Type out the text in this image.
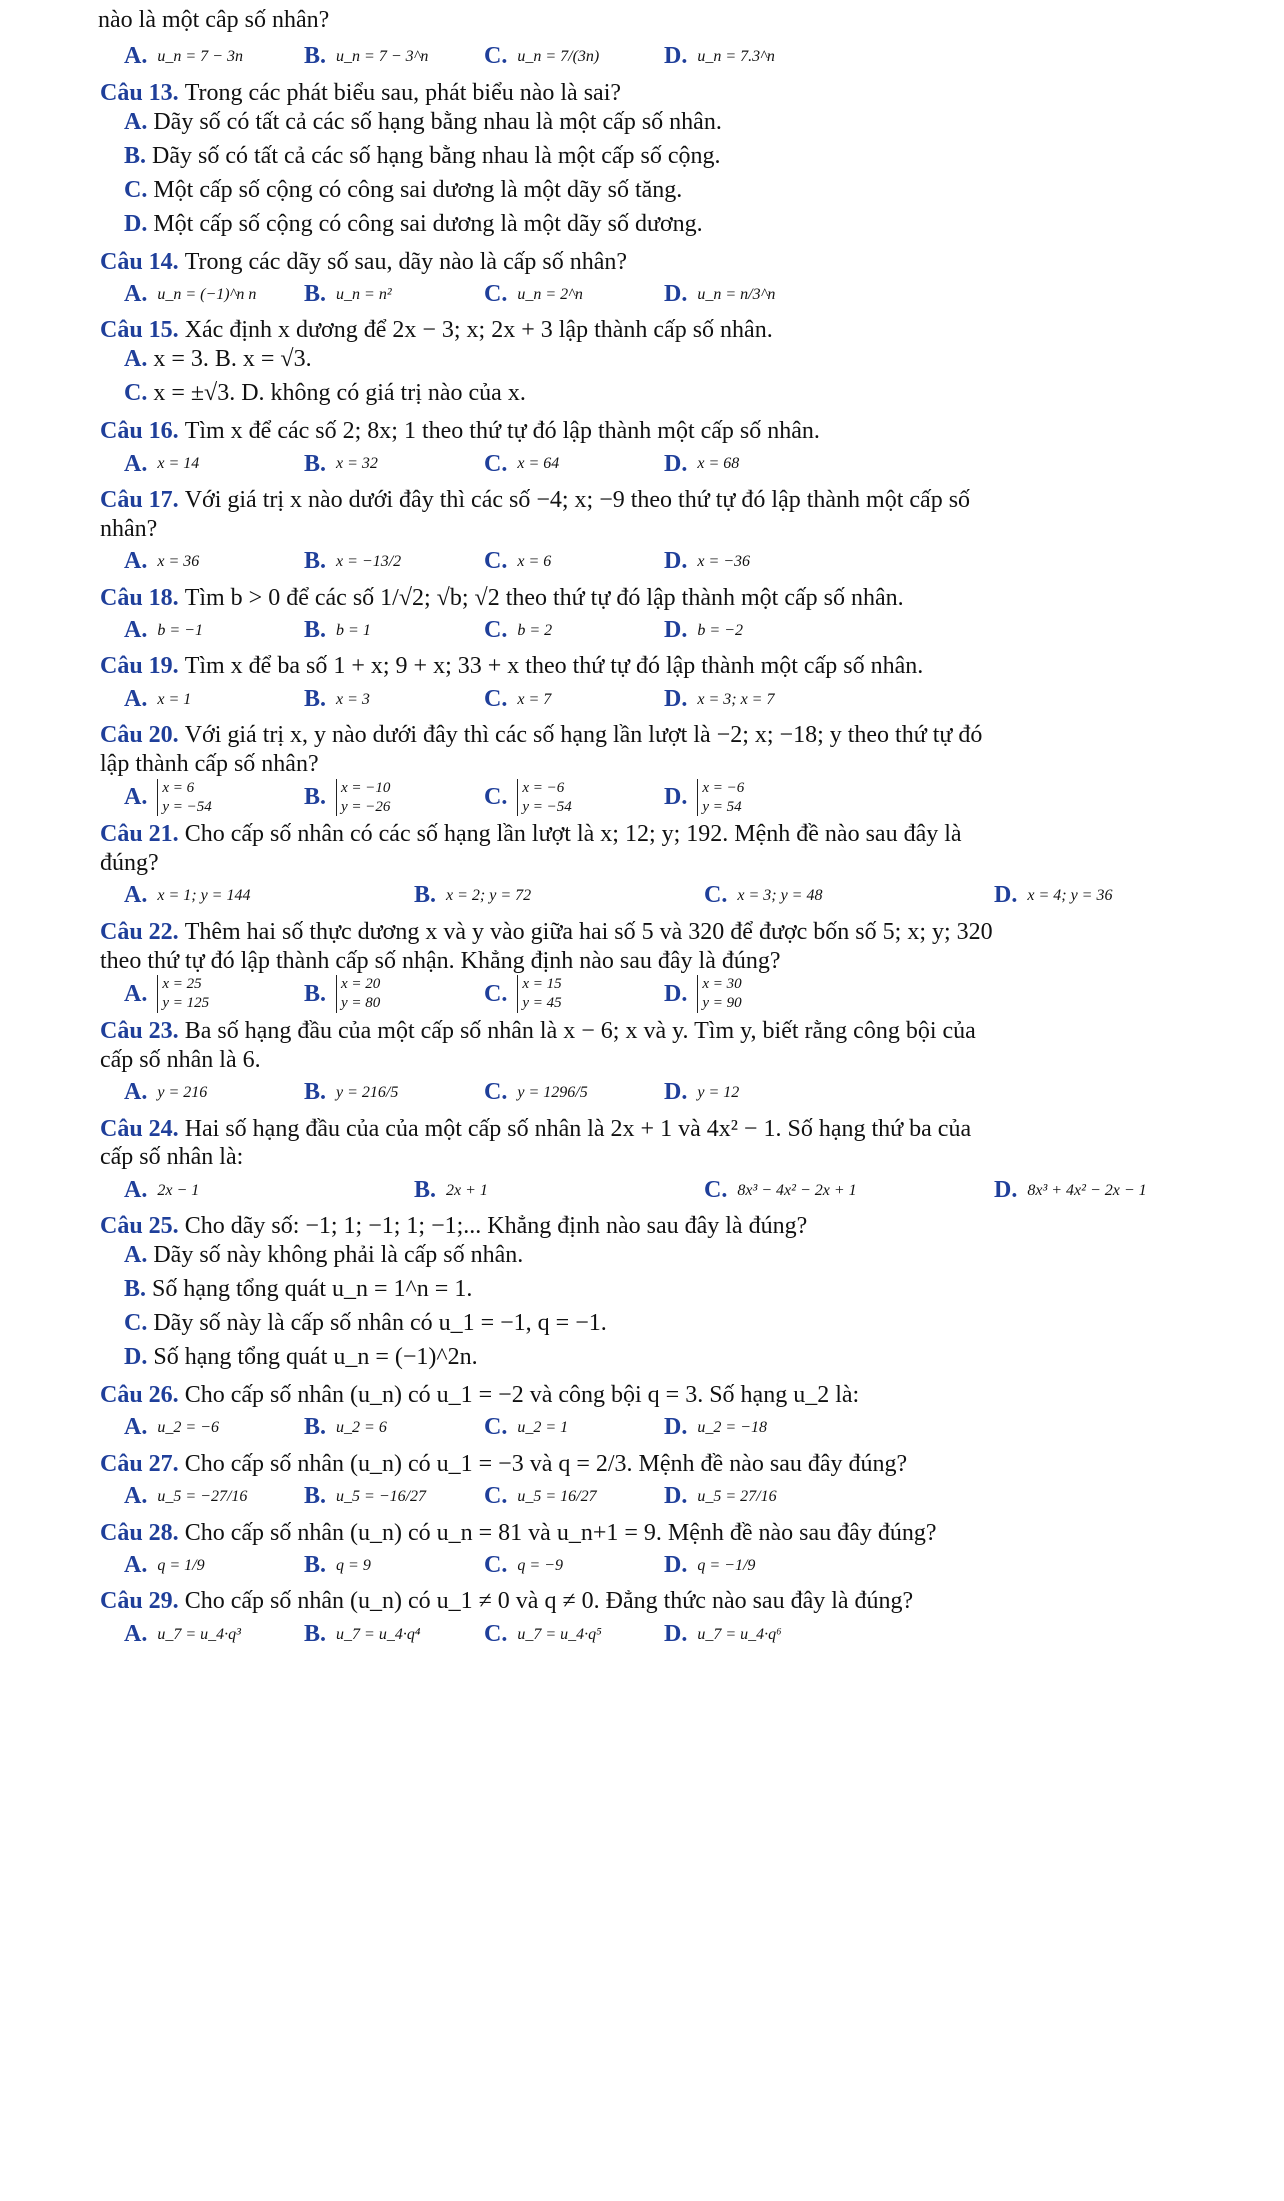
nào là một câp số nhân?
A. u_n = 7 − 3n	B. u_n = 7 − 3^n C. u_n = 7/(3n)	D. u_n = 7.3^n
Câu 13. Trong các phát biểu sau, phát biểu nào là sai?
A. Dãy số có tất cả các số hạng bằng nhau là một cấp số nhân.
B. Dãy số có tất cả các số hạng bằng nhau là một cấp số cộng.
C. Một cấp số cộng có công sai dương là một dãy số tăng.
D. Một cấp số cộng có công sai dương là một dãy số dương.
Câu 14. Trong các dãy số sau, dãy nào là cấp số nhân?
A. u_n = (−1)^n n B. u_n = n²	C. u_n = 2^n	D. u_n = n/3^n
Câu 15. Xác định x dương để 2x − 3; x; 2x + 3 lập thành cấp số nhân.
A. x = 3. B. x = √3.
C. x = ±√3. D. không có giá trị nào của x.
Câu 16. Tìm x để các số 2; 8x; 1 theo thứ tự đó lập thành một cấp số nhân.
A. x = 14	B. x = 32	C. x = 64	D. x = 68
Câu 17. Với giá trị x nào dưới đây thì các số −4; x; −9 theo thứ tự đó lập thành một cấp số nhân?
A. x = 36	B. x = −13/2	C. x = 6	D. x = −36
Câu 18. Tìm b > 0 để các số 1/√2; √b; √2 theo thứ tự đó lập thành một cấp số nhân.
A. b = −1	B. b = 1	C. b = 2	D. b = −2
Câu 19. Tìm x để ba số 1 + x; 9 + x; 33 + x theo thứ tự đó lập thành một cấp số nhân.
A. x = 1	B. x = 3	C. x = 7	D. x = 3; x = 7
Câu 20. Với giá trị x, y nào dưới đây thì các số hạng lần lượt là −2; x; −18; y theo thứ tự đó lập thành cấp số nhân?
A.	x = 6
y = −54	B.	x = −10
y = −26	C.	x = −6
y = −54	D.	x = −6
y = 54
Câu 21. Cho cấp số nhân có các số hạng lần lượt là x; 12; y; 192. Mệnh đề nào sau đây là đúng?
A. x = 1; y = 144	B. x = 2; y = 72	C. x = 3; y = 48	D. x = 4; y = 36
Câu 22. Thêm hai số thực dương x và y vào giữa hai số 5 và 320 để được bốn số 5; x; y; 320 theo thứ tự đó lập thành cấp số nhận. Khẳng định nào sau đây là đúng?
A.	x = 25
y = 125	B.	x = 20
y = 80	C.	x = 15
y = 45	D.	x = 30
y = 90
Câu 23. Ba số hạng đầu của một cấp số nhân là x − 6; x và y. Tìm y, biết rằng công bội của cấp số nhân là 6.
A. y = 216	B. y = 216/5	C. y = 1296/5	D. y = 12
Câu 24. Hai số hạng đầu của của một cấp số nhân là 2x + 1 và 4x² − 1. Số hạng thứ ba của cấp số nhân là:
A. 2x − 1	B. 2x + 1	C. 8x³ − 4x² − 2x + 1	D. 8x³ + 4x² − 2x − 1
Câu 25. Cho dãy số: −1; 1; −1; 1; −1;... Khẳng định nào sau đây là đúng?
A. Dãy số này không phải là cấp số nhân.
B. Số hạng tổng quát u_n = 1^n = 1.
C. Dãy số này là cấp số nhân có u_1 = −1, q = −1.
D. Số hạng tổng quát u_n = (−1)^2n.
Câu 26. Cho cấp số nhân (u_n) có u_1 = −2 và công bội q = 3. Số hạng u_2 là:
A. u_2 = −6	B. u_2 = 6	C. u_2 = 1	D. u_2 = −18
Câu 27. Cho cấp số nhân (u_n) có u_1 = −3 và q = 2/3. Mệnh đề nào sau đây đúng?
A. u_5 = −27/16 B. u_5 = −16/27 C. u_5 = 16/27	D. u_5 = 27/16
Câu 28. Cho cấp số nhân (u_n) có u_n = 81 và u_n+1 = 9. Mệnh đề nào sau đây đúng?
A. q = 1/9	B. q = 9	C. q = −9	D. q = −1/9
Câu 29. Cho cấp số nhân (u_n) có u_1 ≠ 0 và q ≠ 0. Đẳng thức nào sau đây là đúng?
A. u_7 = u_4·q³	B. u_7 = u_4·q⁴	C. u_7 = u_4·q⁵	D. u_7 = u_4·q⁶
